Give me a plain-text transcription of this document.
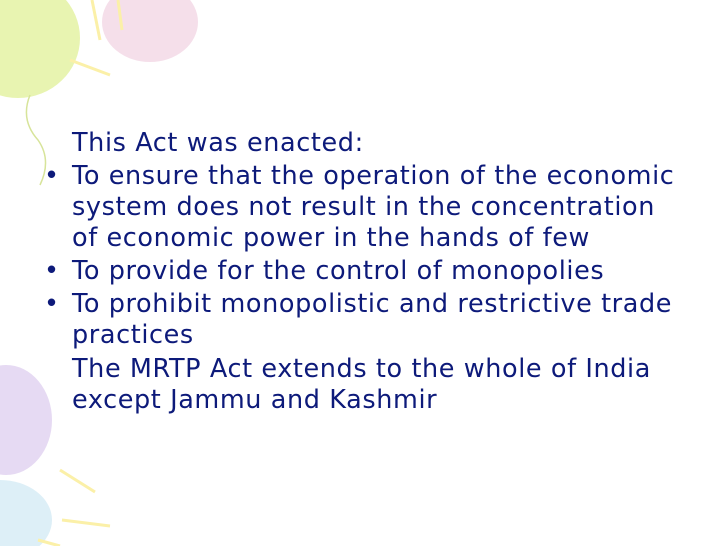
This Act was enacted:
• To ensure that the operation of the economic system does not result in the concentration of economic power in the hands of few
• To provide for the control of monopolies
• To prohibit monopolistic and restrictive trade practices
The MRTP Act extends to the whole of India except Jammu and Kashmir
